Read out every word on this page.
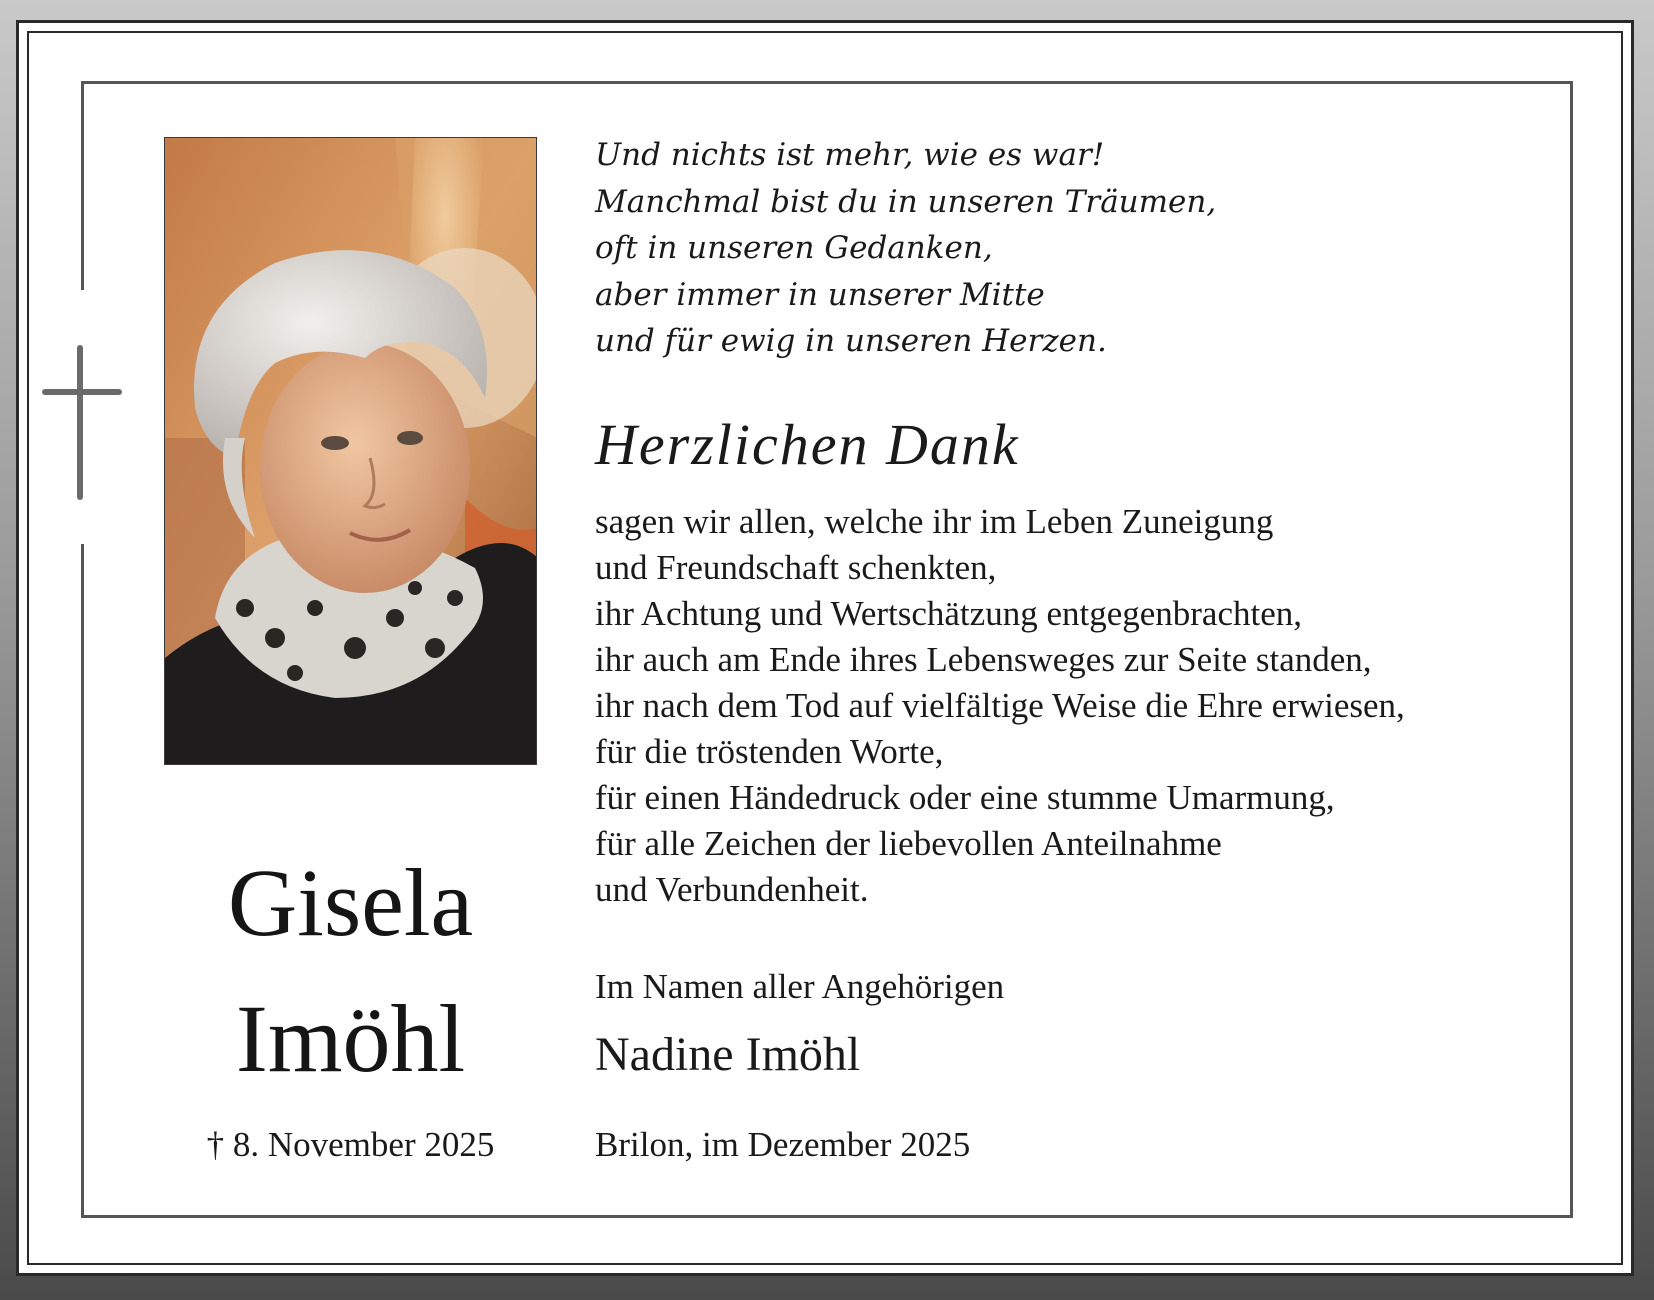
Und nichts ist mehr, wie es war!
Manchmal bist du in unseren Träumen,
oft in unseren Gedanken,
aber immer in unserer Mitte
und für ewig in unseren Herzen.
Herzlichen Dank
sagen wir allen, welche ihr im Leben Zuneigung
und Freundschaft schenkten,
ihr Achtung und Wertschätzung entgegenbrachten,
ihr auch am Ende ihres Lebensweges zur Seite standen,
ihr nach dem Tod auf vielfältige Weise die Ehre erwiesen,
für die tröstenden Worte,
für einen Händedruck oder eine stumme Umarmung,
für alle Zeichen der liebevollen Anteilnahme
und Verbundenheit.
Im Namen aller Angehörigen
Nadine Imöhl
Brilon, im Dezember 2025
Gisela
Imöhl
† 8. November 2025
